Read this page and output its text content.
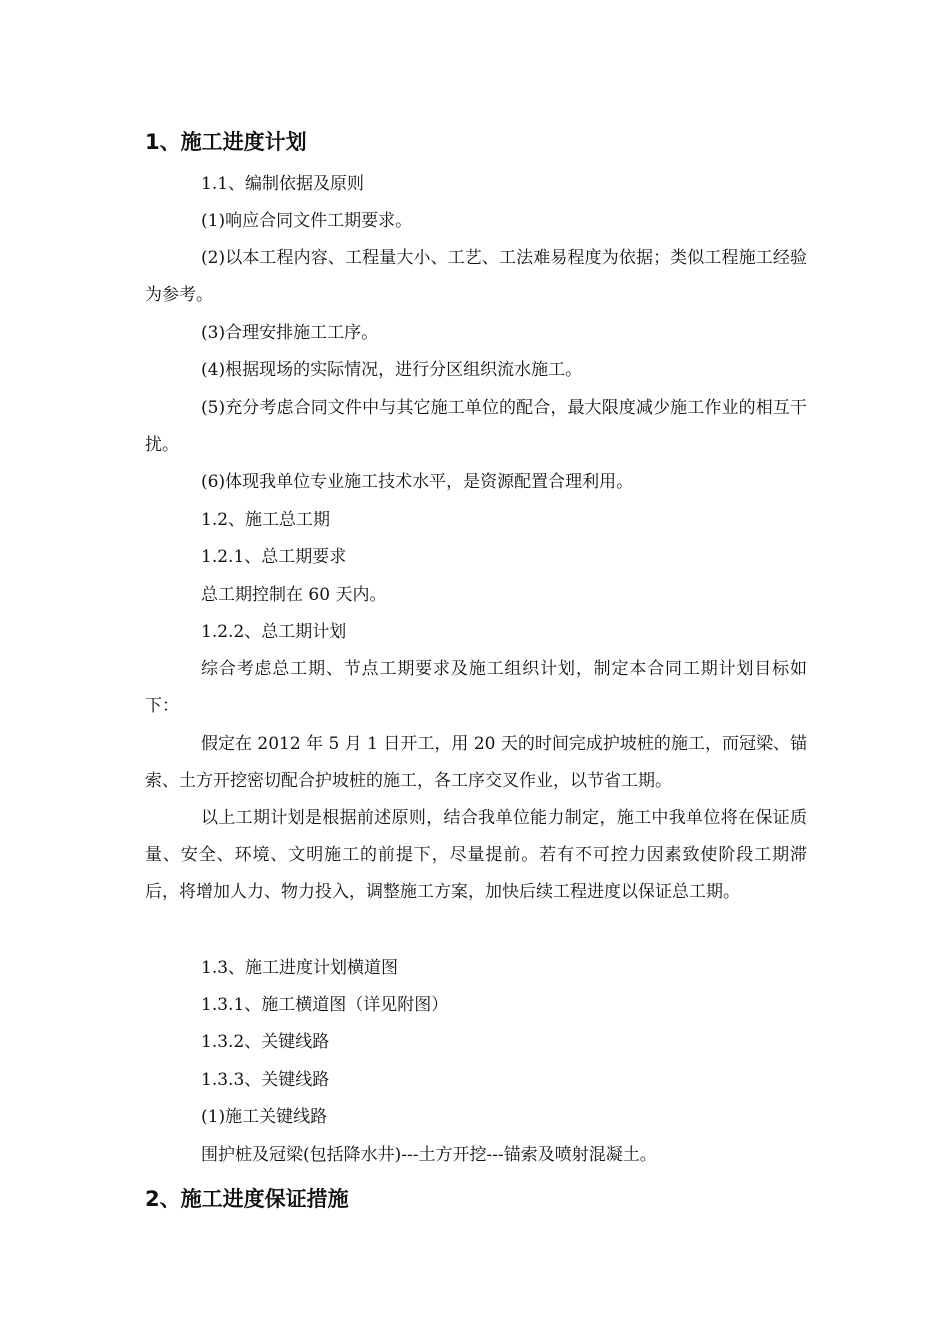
1、施工进度计划
1.1、编制依据及原则
(1)响应合同文件工期要求。
(2)以本工程内容、工程量大小、工艺、工法难易程度为依据；类似工程施工经验为参考。
(3)合理安排施工工序。
(4)根据现场的实际情况，进行分区组织流水施工。
(5)充分考虑合同文件中与其它施工单位的配合，最大限度减少施工作业的相互干扰。
(6)体现我单位专业施工技术水平，是资源配置合理利用。
1.2、施工总工期
1.2.1、总工期要求
总工期控制在 60 天内。
1.2.2、总工期计划
综合考虑总工期、节点工期要求及施工组织计划，制定本合同工期计划目标如下：
假定在 2012 年 5 月 1 日开工，用 20 天的时间完成护坡桩的施工，而冠梁、锚索、土方开挖密切配合护坡桩的施工，各工序交叉作业，以节省工期。
以上工期计划是根据前述原则，结合我单位能力制定，施工中我单位将在保证质量、安全、环境、文明施工的前提下，尽量提前。若有不可控力因素致使阶段工期滞后，将增加人力、物力投入，调整施工方案，加快后续工程进度以保证总工期。
1.3、施工进度计划横道图
1.3.1、施工横道图（详见附图）
1.3.2、关键线路
1.3.3、关键线路
(1)施工关键线路
围护桩及冠梁(包括降水井)---土方开挖---锚索及喷射混凝土。
2、施工进度保证措施
